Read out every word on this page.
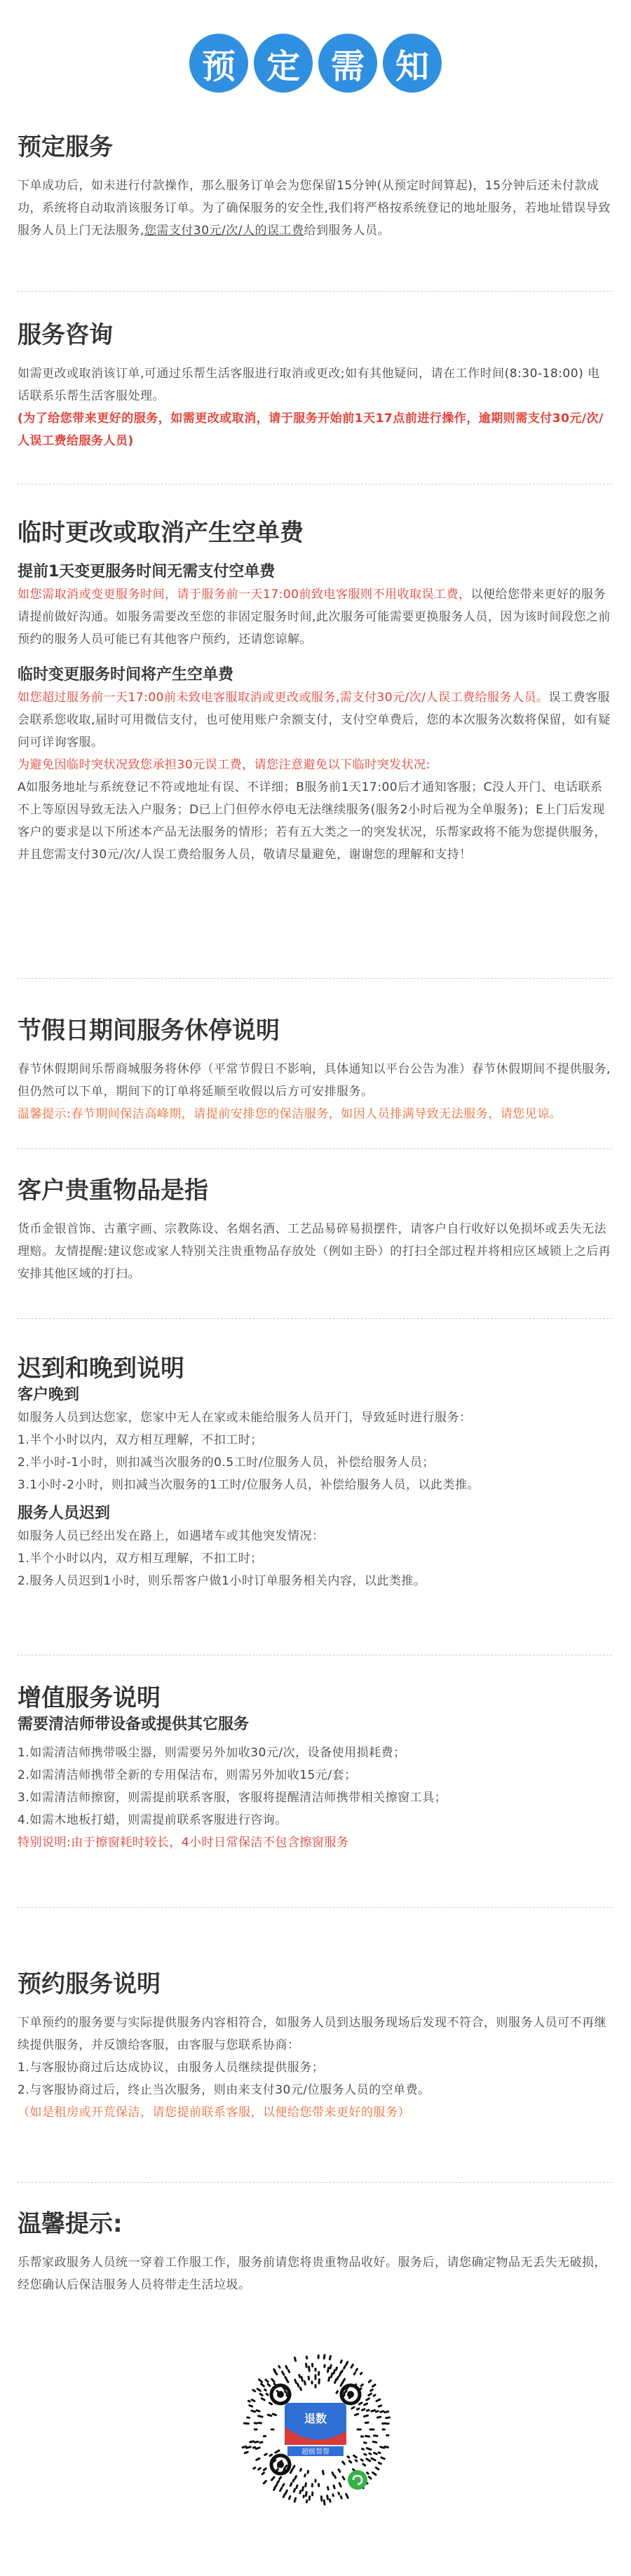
预 定 需 知
预定服务

下单成功后，如未进行付款操作，那么服务订单会为您保留15分钟(从预定时间算起)，15分钟后还未付款成功，系统将自动取消该服务订单。为了确保服务的安全性,我们将严格按系统登记的地址服务，若地址错误导致服务人员上门无法服务,您需支付30元/次/人的误工费给到服务人员。

服务咨询

如需更改或取消该订单,可通过乐帮生活客服进行取消或更改;如有其他疑问，请在工作时间(8:30-18:00) 电话联系乐帮生活客服处理。

(为了给您带来更好的服务，如需更改或取消，请于服务开始前1天17点前进行操作，逾期则需支付30元/次/人误工费给服务人员)

临时更改或取消产生空单费
提前1天变更服务时间无需支付空单费

如您需取消或变更服务时间，请于服务前一天17:00前致电客服则不用收取误工费，以便给您带来更好的服务请提前做好沟通。如服务需要改至您的非固定服务时间,此次服务可能需要更换服务人员，因为该时间段您之前预约的服务人员可能已有其他客户预约，还请您谅解。

临时变更服务时间将产生空单费

如您超过服务前一天17:00前未致电客服取消或更改或服务,需支付30元/次/人误工费给服务人员。误工费客服会联系您收取,届时可用微信支付，也可使用账户余额支付，支付空单费后，您的本次服务次数将保留，如有疑问可详询客服。

为避免因临时突状况致您承担30元误工费，请您注意避免以下临时突发状况:

A如服务地址与系统登记不符或地址有误、不详细；B服务前1天17:00后才通知客服；C没人开门、电话联系不上等原因导致无法入户服务；D已上门但停水停电无法继续服务(服务2小时后视为全单服务)；E上门后发现客户的要求是以下所述本产品无法服务的情形；若有五大类之一的突发状况，乐帮家政将不能为您提供服务，并且您需支付30元/次/人误工费给服务人员，敬请尽量避免，谢谢您的理解和支持！

节假日期间服务休停说明

春节休假期间乐帮商城服务将休停（平常节假日不影响，具体通知以平台公告为准）春节休假期间不提供服务,但仍然可以下单，期间下的订单将延顺至收假以后方可安排服务。

温馨提示:春节期间保洁高峰期，请提前安排您的保洁服务，如因人员排满导致无法服务，请您见谅。

客户贵重物品是指

货币金银首饰、古董字画、宗教陈设、名烟名酒、工艺品易碎易损摆件，请客户自行收好以免损坏或丢失无法理赔。友情提醒:建议您或家人特别关注贵重物品存放处（例如主卧）的打扫全部过程并将相应区域锁上之后再安排其他区域的打扫。

迟到和晚到说明
客户晚到

如服务人员到达您家，您家中无人在家或未能给服务人员开门，导致延时进行服务：

1.半个小时以内，双方相互理解，不扣工时；

2.半小时-1小时，则扣减当次服务的0.5工时/位服务人员，补偿给服务人员；

3.1小时-2小时，则扣减当次服务的1工时/位服务人员，补偿给服务人员，以此类推。

服务人员迟到

如服务人员已经出发在路上，如遇堵车或其他突发情况：

1.半个小时以内，双方相互理解，不扣工时；

2.服务人员迟到1小时，则乐帮客户做1小时订单服务相关内容，以此类推。

增值服务说明
需要清洁师带设备或提供其它服务

1.如需清洁师携带吸尘器，则需要另外加收30元/次，设备使用损耗费；

2.如需清洁师携带全新的专用保洁布，则需另外加收15元/套；

3.如需清洁师擦窗，则需提前联系客服，客服将提醒清洁师携带相关擦窗工具；

4.如需木地板打蜡，则需提前联系客服进行咨询。

特别说明:由于擦窗耗时较长，4小时日常保洁不包含擦窗服务

预约服务说明

下单预约的服务要与实际提供服务内容相符合，如服务人员到达服务现场后发现不符合，则服务人员可不再继续提供服务，并反馈给客服，由客服与您联系协商：

1.与客服协商过后达成协议，由服务人员继续提供服务；

2.与客服协商过后，终止当次服务，则由来支付30元/位服务人员的空单费。

（如是租房或开荒保洁，请您提前联系客服，以便给您带来更好的服务）

温馨提示:

乐帮家政服务人员统一穿着工作服工作，服务前请您将贵重物品收好。服务后，请您确定物品无丢失无破损，经您确认后保洁服务人员将带走生活垃圾。

退数
超级帮帮
